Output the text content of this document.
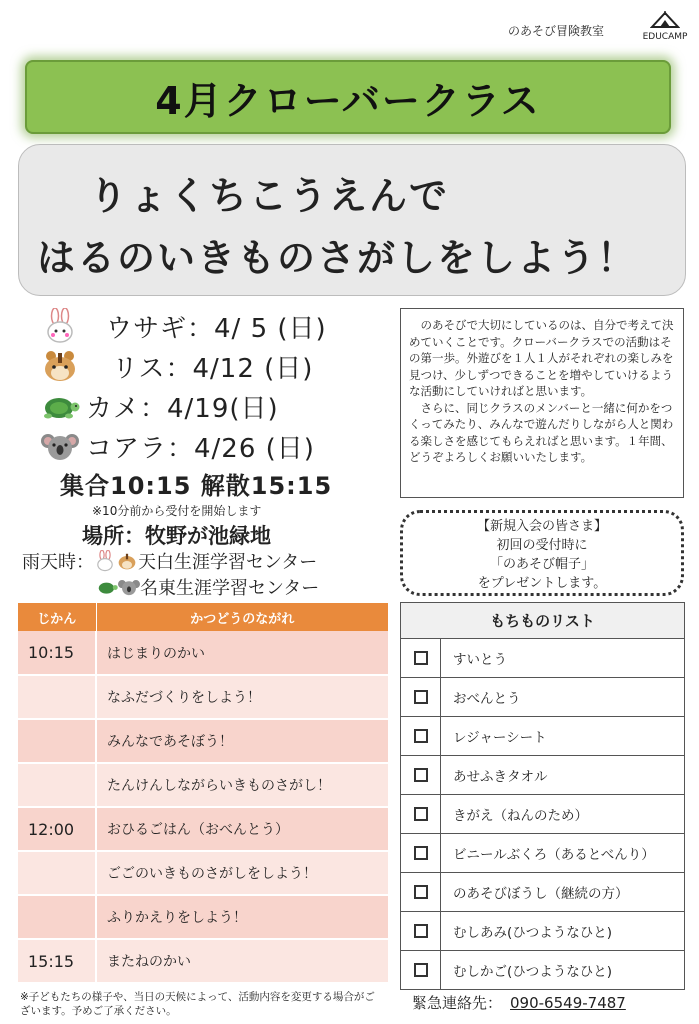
のあそび冒険教室	EDUCAMP
4月クローバークラス
りょくちこうえんで
はるのいきものさがしをしよう！
ウサギ：4/ 5 (日)
リス：4/12 (日)
カメ：4/19(日)
コアラ：4/26 (日)
集合10:15 解散15:15
※10分前から受付を開始します
場所：牧野が池緑地
雨天時： 天白生涯学習センター
名東生涯学習センター

のあそびで大切にしているのは、自分で考えて決めていくことです。クローバークラスでの活動はその第一歩。外遊びを１人１人がそれぞれの楽しみを見つけ、少しずつできることを増やしていけるような活動にしていければと思います。

さらに、同じクラスのメンバーと一緒に何かをつくってみたり、みんなで遊んだりしながら人と関わる楽しさを感じてもらえればと思います。１年間、どうぞよろしくお願いいたします。

【新規入会の皆さま】
初回の受付時に
「のあそび帽子」
をプレゼントします。
じかん	かつどうのながれ
10:15	はじまりのかい
	なふだづくりをしよう！
	みんなであそぼう！
	たんけんしながらいきものさがし！
12:00	おひるごはん（おべんとう）
	ごごのいきものさがしをしよう！
	ふりかえりをしよう！
15:15	またねのかい
※子どもたちの様子や、当日の天候によって、活動内容を変更する場合がございます。予めご了承ください。
もちものリスト	
	すいとう
	おべんとう
	レジャーシート
	あせふきタオル
	きがえ（ねんのため）
	ビニールぶくろ（あるとべんり）
	のあそびぼうし（継続の方）
	むしあみ(ひつようなひと)
	むしかご(ひつようなひと)
緊急連絡先： 090-6549-7487
